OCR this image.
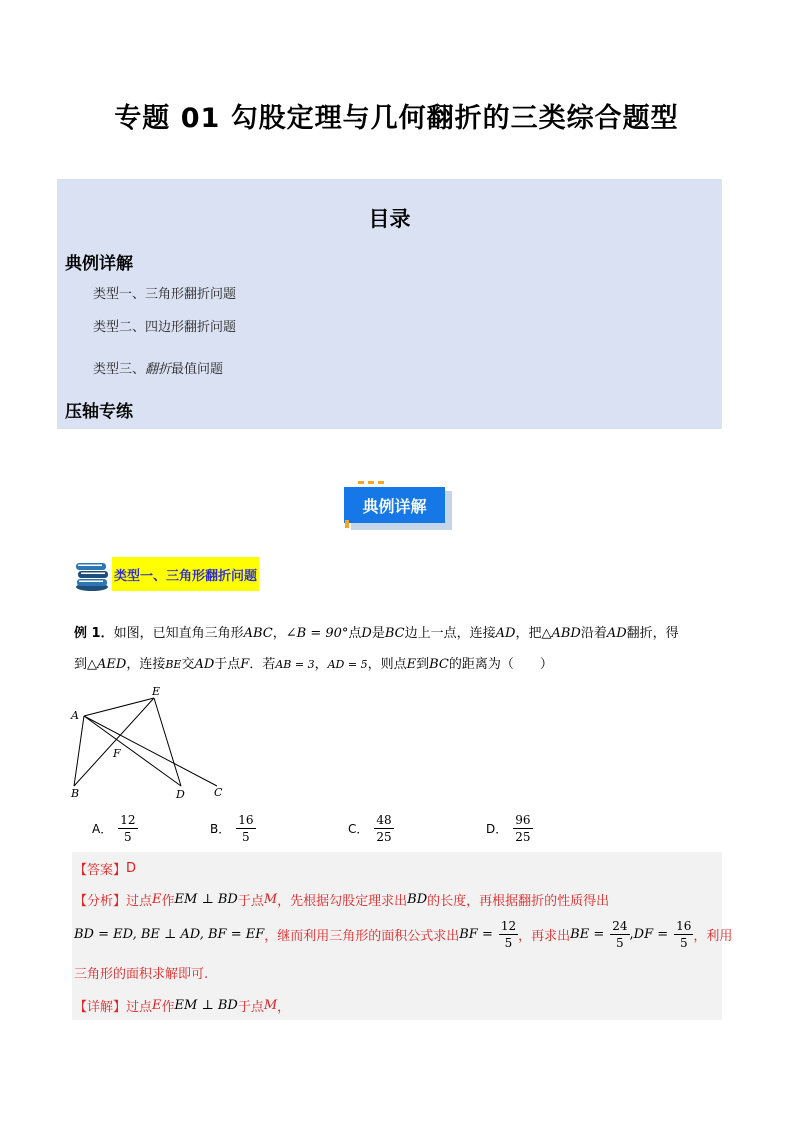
专题 01 勾股定理与几何翻折的三类综合题型
目录
典例详解
类型一、三角形翻折问题
类型二、四边形翻折问题
类型三、翻折最值问题
压轴专练
典例详解
类型一、三角形翻折问题
例 1．如图，已知直角三角形ABC，∠B = 90°点D是BC边上一点，连接AD，把△ABD沿着AD翻折，得
到△AED，连接BE交AD于点F．若AB = 3，AD = 5，则点E到BC的距离为（　　）
E
A
F
B	D	C
A． $\frac{12}{5}$	B． $\frac{16}{5}$	C． $\frac{48}{25}$	D． $\frac{96}{25}$
【答案】 D
【分析】 过点 E 作 EM ⊥ BD 于点 M ，先根据勾股定理求出 BD 的长度，再根据翻折的性质得出
BD = ED, BE ⊥ AD, BF = EF ，继而利用三角形的面积公式求出 BF = $\frac{12}{5}$ ，再求出 BE = $\frac{24}{5}$ , DF = $\frac{16}{5}$ ，利用
三角形的面积求解即可.
【详解】 过点 E 作 EM ⊥ BD 于点 M ，
